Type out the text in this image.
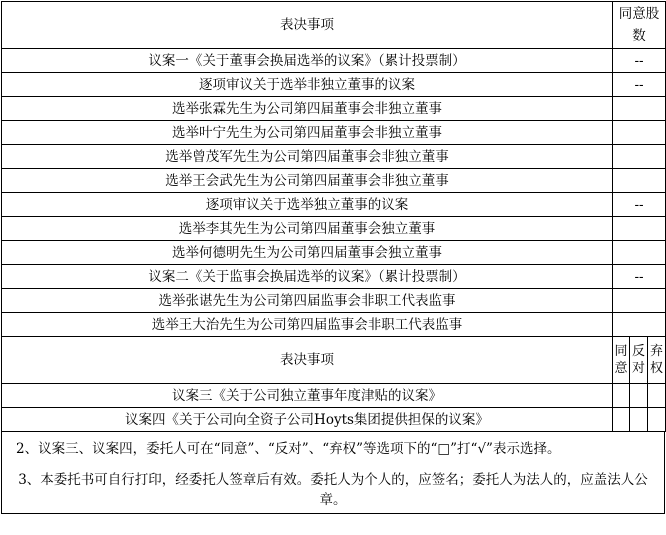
表决事项	同意股数
议案一《关于董事会换届选举的议案》（累计投票制）	--
逐项审议关于选举非独立董事的议案	--
选举张霖先生为公司第四届董事会非独立董事	
选举叶宁先生为公司第四届董事会非独立董事	
选举曾茂军先生为公司第四届董事会非独立董事	
选举王会武先生为公司第四届董事会非独立董事	
逐项审议关于选举独立董事的议案	--
选举李其先生为公司第四届董事会独立董事	
选举何德明先生为公司第四届董事会独立董事	
议案二《关于监事会换届选举的议案》（累计投票制）	--
选举张谌先生为公司第四届监事会非职工代表监事	
选举王大治先生为公司第四届监事会非职工代表监事	
表决事项	同意	反对	弃权
议案三《关于公司独立董事年度津贴的议案》			
议案四《关于公司向全资子公司Hoyts集团提供担保的议案》			
2、议案三、议案四，委托人可在“同意”、“反对”、“弃权”等选项下的“□”打“√”表示选择。
3、本委托书可自行打印，经委托人签章后有效。委托人为个人的，应签名；委托人为法人的，应盖法人公章。
